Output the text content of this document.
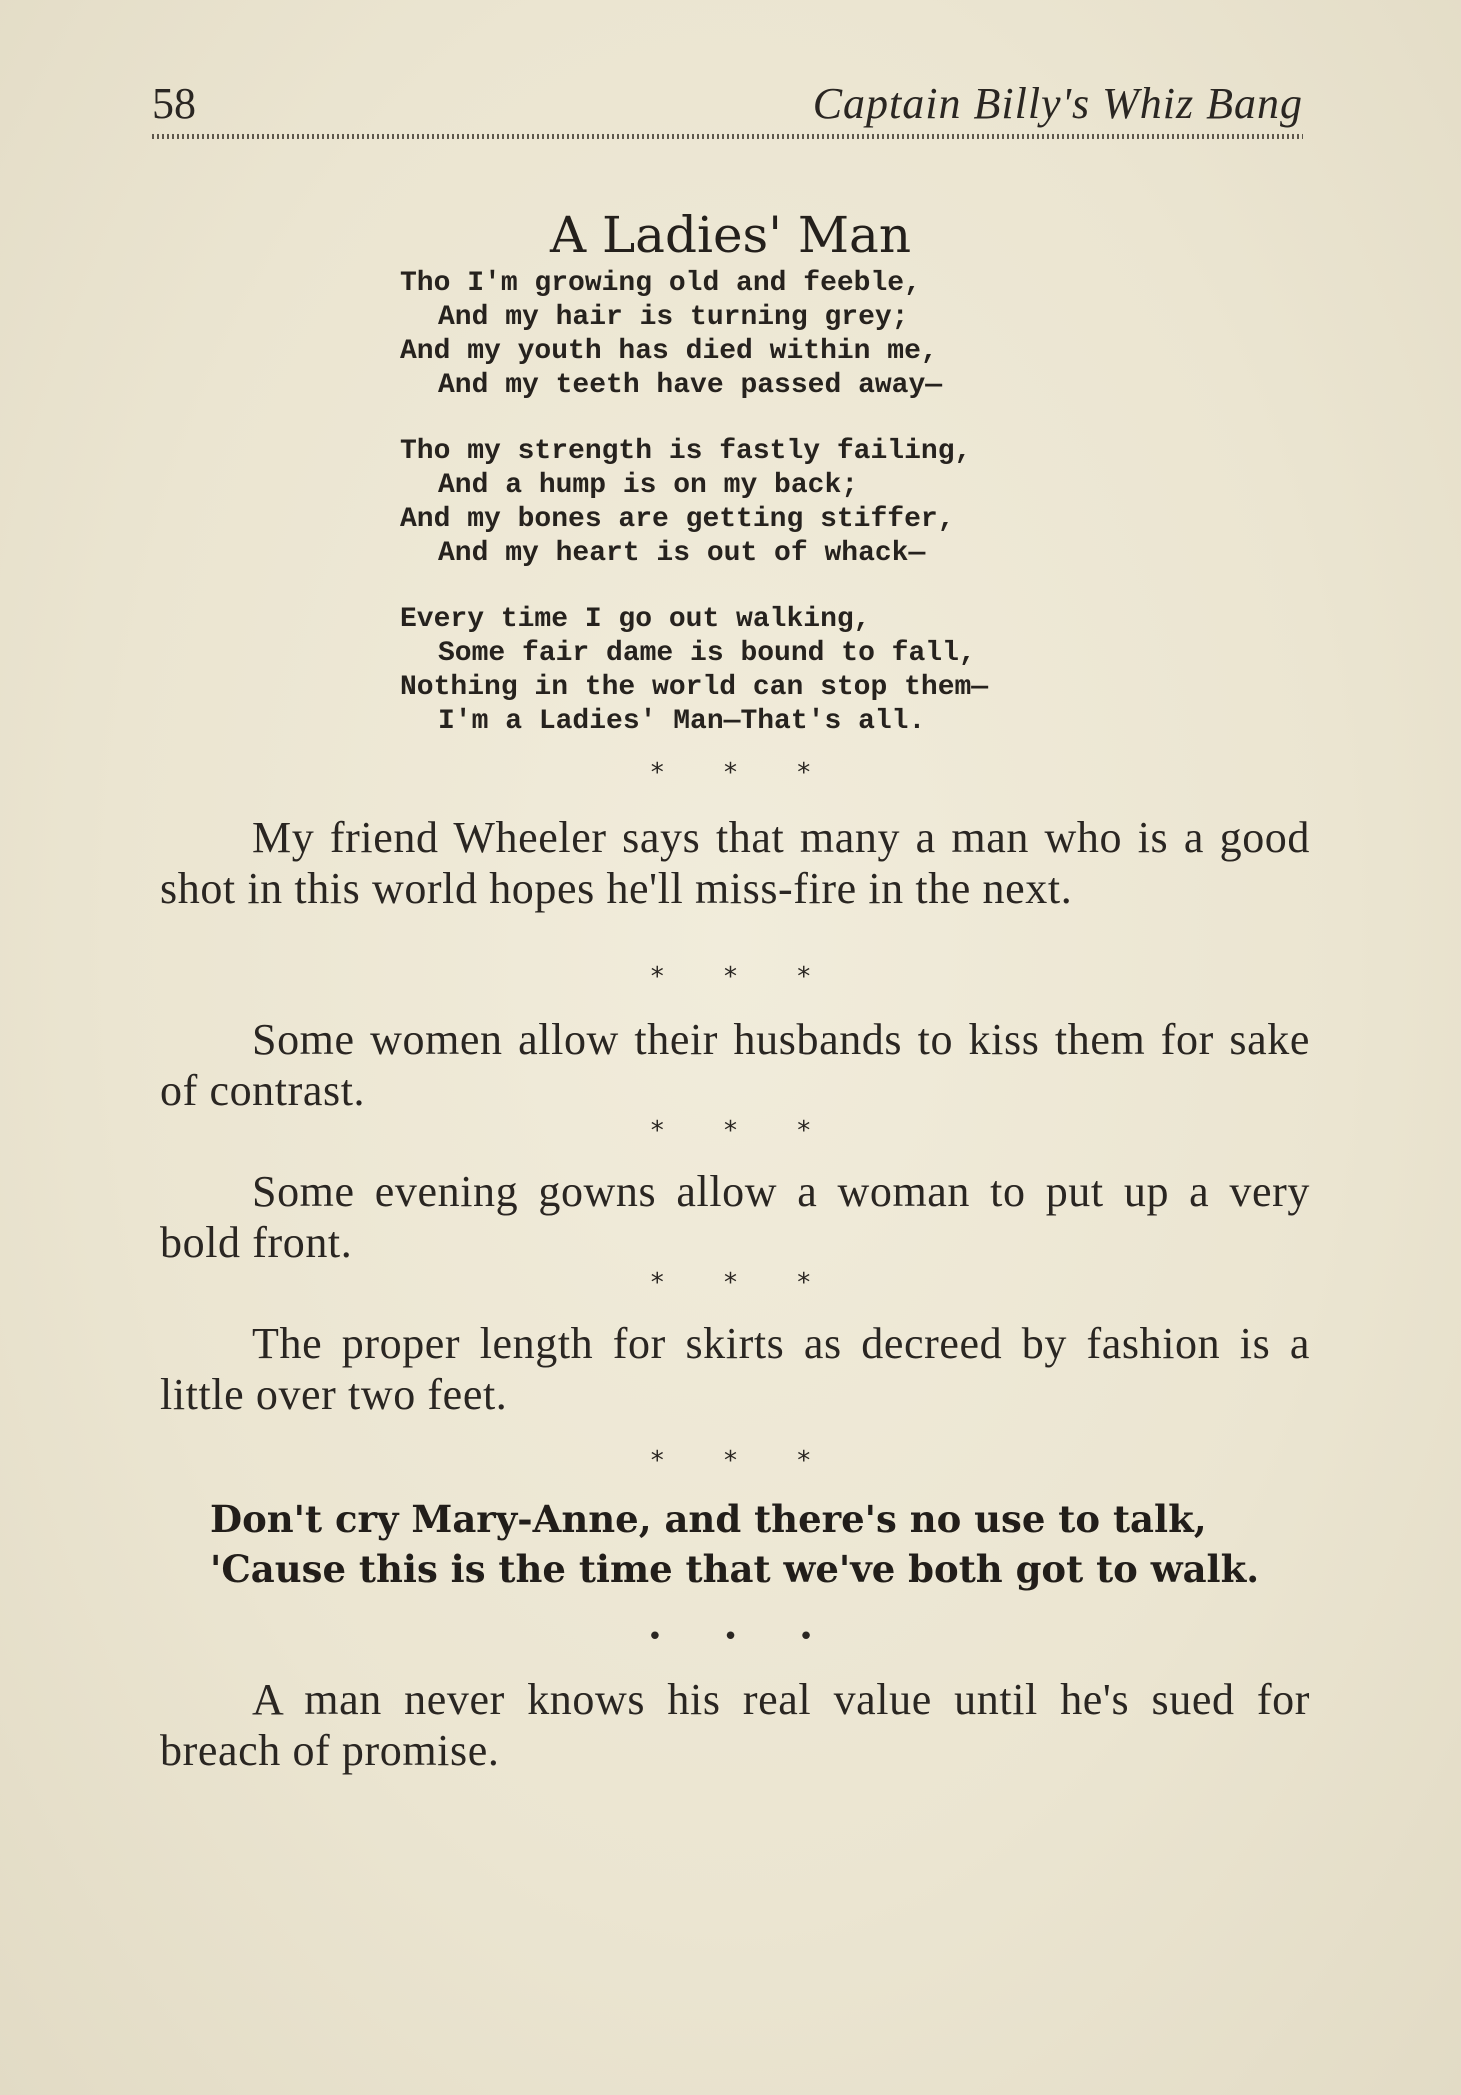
58	Captain Billy's Whiz Bang
A Ladies' Man

Tho I'm growing old and feeble,

And my hair is turning grey;

And my youth has died within me,

And my teeth have passed away—

Tho my strength is fastly failing,

And a hump is on my back;

And my bones are getting stiffer,

And my heart is out of whack—

Every time I go out walking,

Some fair dame is bound to fall,

Nothing in the world can stop them—

I'm a Ladies' Man—That's all.

* * *
My friend Wheeler says that many a man who is a good shot in this world hopes he'll miss-fire in the next.
* * *
Some women allow their husbands to kiss them for sake of contrast.
* * *
Some evening gowns allow a woman to put up a very bold front.
* * *
The proper length for skirts as decreed by fashion is a little over two feet.
* * *

Don't cry Mary-Anne, and there's no use to talk,

'Cause this is the time that we've both got to walk.

• • •
A man never knows his real value until he's sued for breach of promise.
